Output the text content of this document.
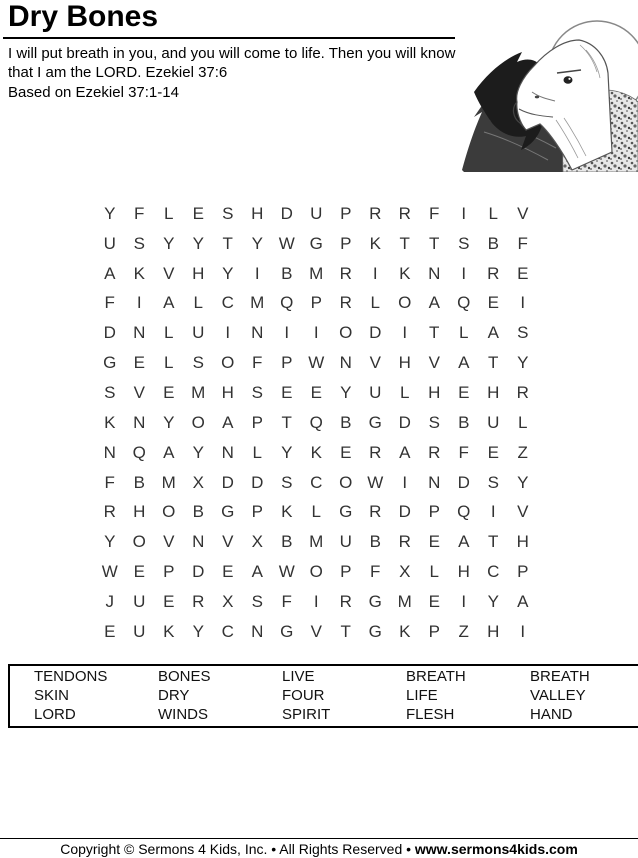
Dry Bones
I will put breath in you, and you will come to life. Then you will know that I am the LORD. Ezekiel 37:6
Based on Ezekiel 37:1-14
Y	F	L	E	S	H	D	U	P	R	R	F	I	L	V
U	S	Y	Y	T	Y W G	P	K	T	T	S	B	F
A	K	V	H	Y	I	B M R	I	K	N	I	R	E
F	I	A	L	C M Q	P	R	L	O	A	Q	E	I
D	N	L	U	I	N	I	I	O D	I	T	L	A	S
G	E	L	S	O	F	P W N	V	H	V	A	T	Y
S	V	E M H	S	E	E	Y	U	L	H	E	H	R
K	N	Y	O	A	P	T	Q	B	G D	S	B	U	L
N Q	A	Y	N	L	Y	K	E	R	A	R	F	E	Z
F	B M X	D	D	S	C O W	I	N	D	S	Y
R	H O	B	G	P	K	L	G R	D	P	Q	I	V
Y	O	V	N	V	X	B M U	B	R	E	A	T	H
W E	P	D	E	A W O	P	F	X	L	H	C	P
J	U	E	R	X	S	F	I	R G M E	I	Y	A
E	U	K	Y	C	N G	V	T	G	K	P	Z	H	I
TENDONS	BONES	LIVE	BREATH	BREATH
SKIN	DRY	FOUR	LIFE	VALLEY
LORD	WINDS	SPIRIT	FLESH	HAND
Copyright © Sermons 4 Kids, Inc. • All Rights Reserved • www.sermons4kids.com
